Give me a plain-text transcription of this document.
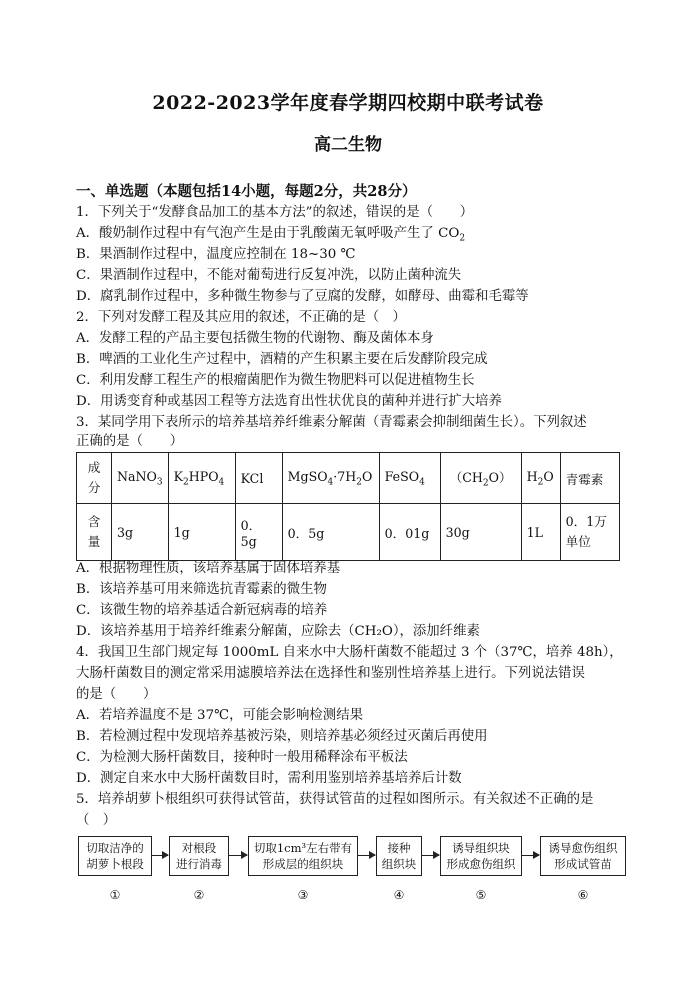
2022-2023学年度春学期四校期中联考试卷
高二生物
一、单选题（本题包括14小题，每题2分，共28分）
1．下列关于“发酵食品加工的基本方法”的叙述，错误的是（　　）
A．酸奶制作过程中有气泡产生是由于乳酸菌无氧呼吸产生了 $CO_2$
B．果酒制作过程中，温度应控制在 18~30 ℃
C．果酒制作过程中，不能对葡萄进行反复冲洗，以防止菌种流失
D．腐乳制作过程中，多种微生物参与了豆腐的发酵，如酵母、曲霉和毛霉等
2．下列对发酵工程及其应用的叙述，不正确的是（　）
A．发酵工程的产品主要包括微生物的代谢物、酶及菌体本身
B．啤酒的工业化生产过程中，酒精的产生积累主要在后发酵阶段完成
C．利用发酵工程生产的根瘤菌肥作为微生物肥料可以促进植物生长
D．用诱变育种或基因工程等方法选育出性状优良的菌种并进行扩大培养
3．某同学用下表所示的培养基培养纤维素分解菌（青霉素会抑制细菌生长）。下列叙述
正确的是（　　）
成分	NaNO$_3$	$K_2HPO_4$	KCl	$MgSO_4\cdot 7H_2O$	FeSO$_4$	$(CH_2O)$	$H_2O$	青霉素
含量	3g	1g	0．5g	0．5g	0．01g	30g	1L	0．1万单位
A．根据物理性质，该培养基属于固体培养基
B．该培养基可用来筛选抗青霉素的微生物
C．该微生物的培养基适合新冠病毒的培养
D．该培养基用于培养纤维素分解菌，应除去（CH₂O），添加纤维素
4．我国卫生部门规定每 1000mL 自来水中大肠杆菌数不能超过 3 个（37℃，培养 48h），
大肠杆菌数目的测定常采用滤膜培养法在选择性和鉴别性培养基上进行。下列说法错误
的是（　　）
A．若培养温度不是 37℃，可能会影响检测结果
B．若检测过程中发现培养基被污染，则培养基必须经过灭菌后再使用
C．为检测大肠杆菌数目，接种时一般用稀释涂布平板法
D．测定自来水中大肠杆菌数目时，需利用鉴别培养基培养后计数
5．培养胡萝卜根组织可获得试管苗，获得试管苗的过程如图所示。有关叙述不正确的是
（　）
切取洁净的
胡萝卜根段
对根段
进行消毒
切取1cm³左右带有
形成层的组织块
接种
组织块
诱导组织块
形成愈伤组织
诱导愈伤组织
形成试管苗
①	②	③	④	⑤	⑥
